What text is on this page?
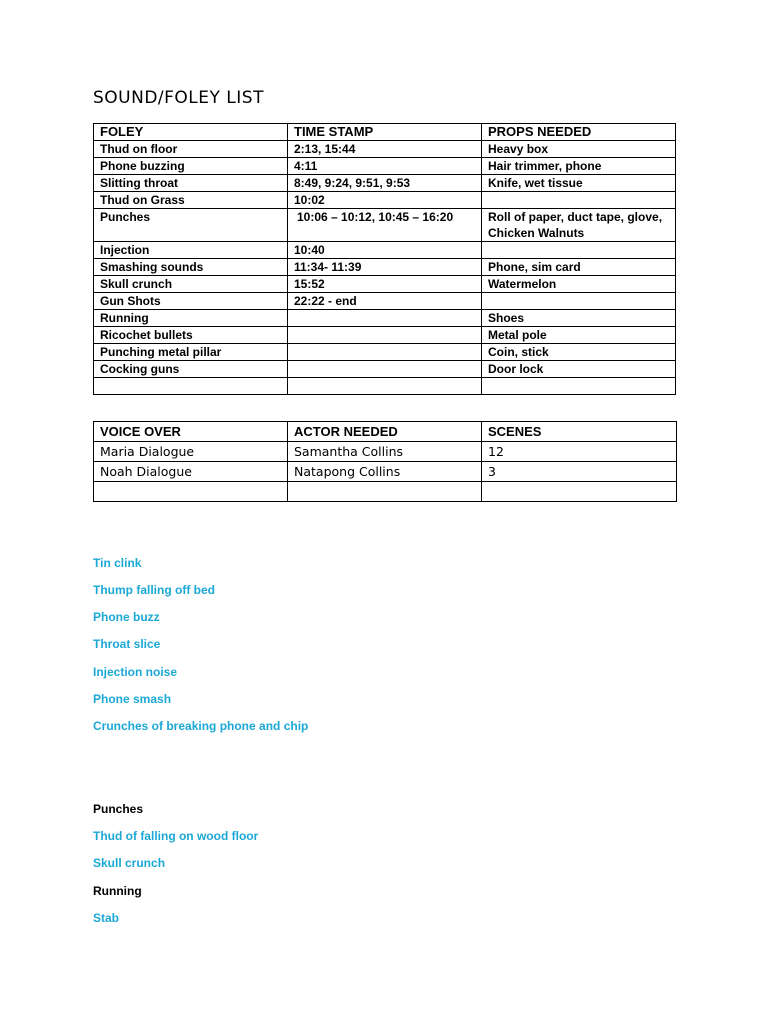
SOUND/FOLEY LIST
FOLEY	TIME STAMP	PROPS NEEDED
Thud on floor	2:13, 15:44	Heavy box
Phone buzzing	4:11	Hair trimmer, phone
Slitting throat	8:49, 9:24, 9:51, 9:53	Knife, wet tissue
Thud on Grass	10:02	
Punches	10:06 – 10:12, 10:45 – 16:20	Roll of paper, duct tape, glove, Chicken Walnuts
Injection	10:40	
Smashing sounds	11:34- 11:39	Phone, sim card
Skull crunch	15:52	Watermelon
Gun Shots	22:22 - end	
Running		Shoes
Ricochet bullets		Metal pole
Punching metal pillar		Coin, stick
Cocking guns		Door lock

VOICE OVER	ACTOR NEEDED	SCENES
Maria Dialogue	Samantha Collins	12
Noah Dialogue	Natapong Collins	3

Tin clink
Thump falling off bed
Phone buzz
Throat slice
Injection noise
Phone smash
Crunches of breaking phone and chip
Punches
Thud of falling on wood floor
Skull crunch
Running
Stab
